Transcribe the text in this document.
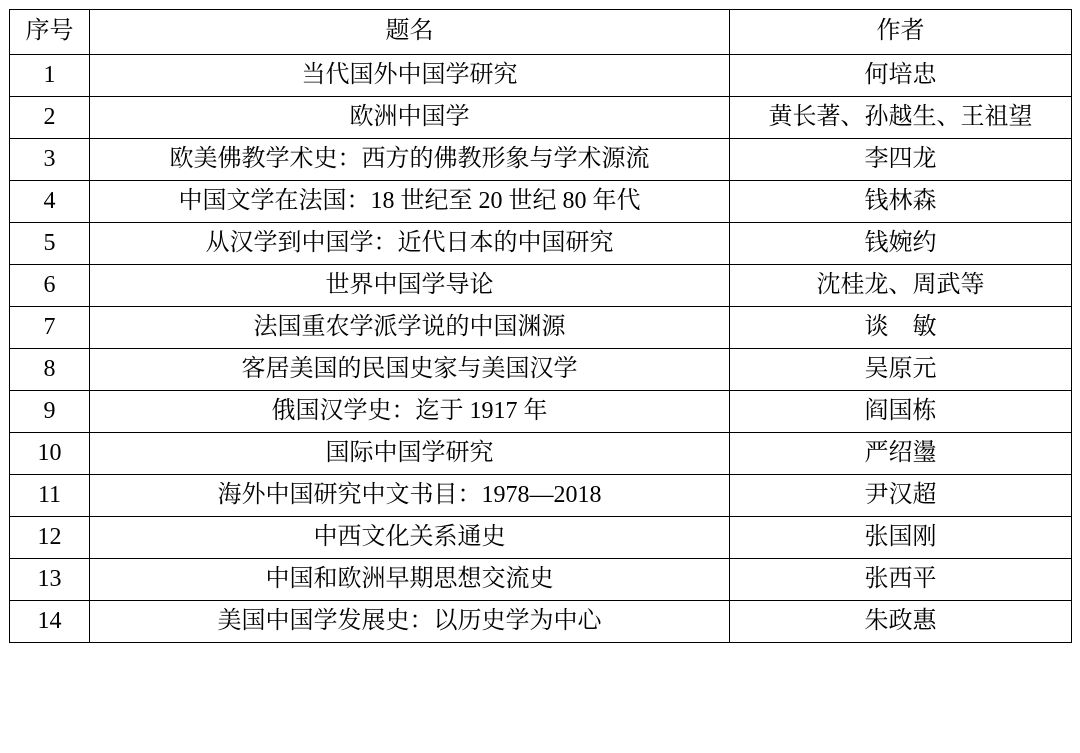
序号	题名	作者

1	当代国外中国学研究	何培忠

2	欧洲中国学	黄长著、孙越生、王祖望

3	欧美佛教学术史：西方的佛教形象与学术源流	李四龙

4	中国文学在法国：18 世纪至 20 世纪 80 年代	钱林森

5	从汉学到中国学：近代日本的中国研究	钱婉约

6	世界中国学导论	沈桂龙、周武等

7	法国重农学派学说的中国渊源	谈　敏

8	客居美国的民国史家与美国汉学	吴原元

9	俄国汉学史：迄于 1917 年	阎国栋

10	国际中国学研究	严绍璗

11	海外中国研究中文书目：1978—2018	尹汉超

12	中西文化关系通史	张国刚

13	中国和欧洲早期思想交流史	张西平

14	美国中国学发展史：以历史学为中心	朱政惠
